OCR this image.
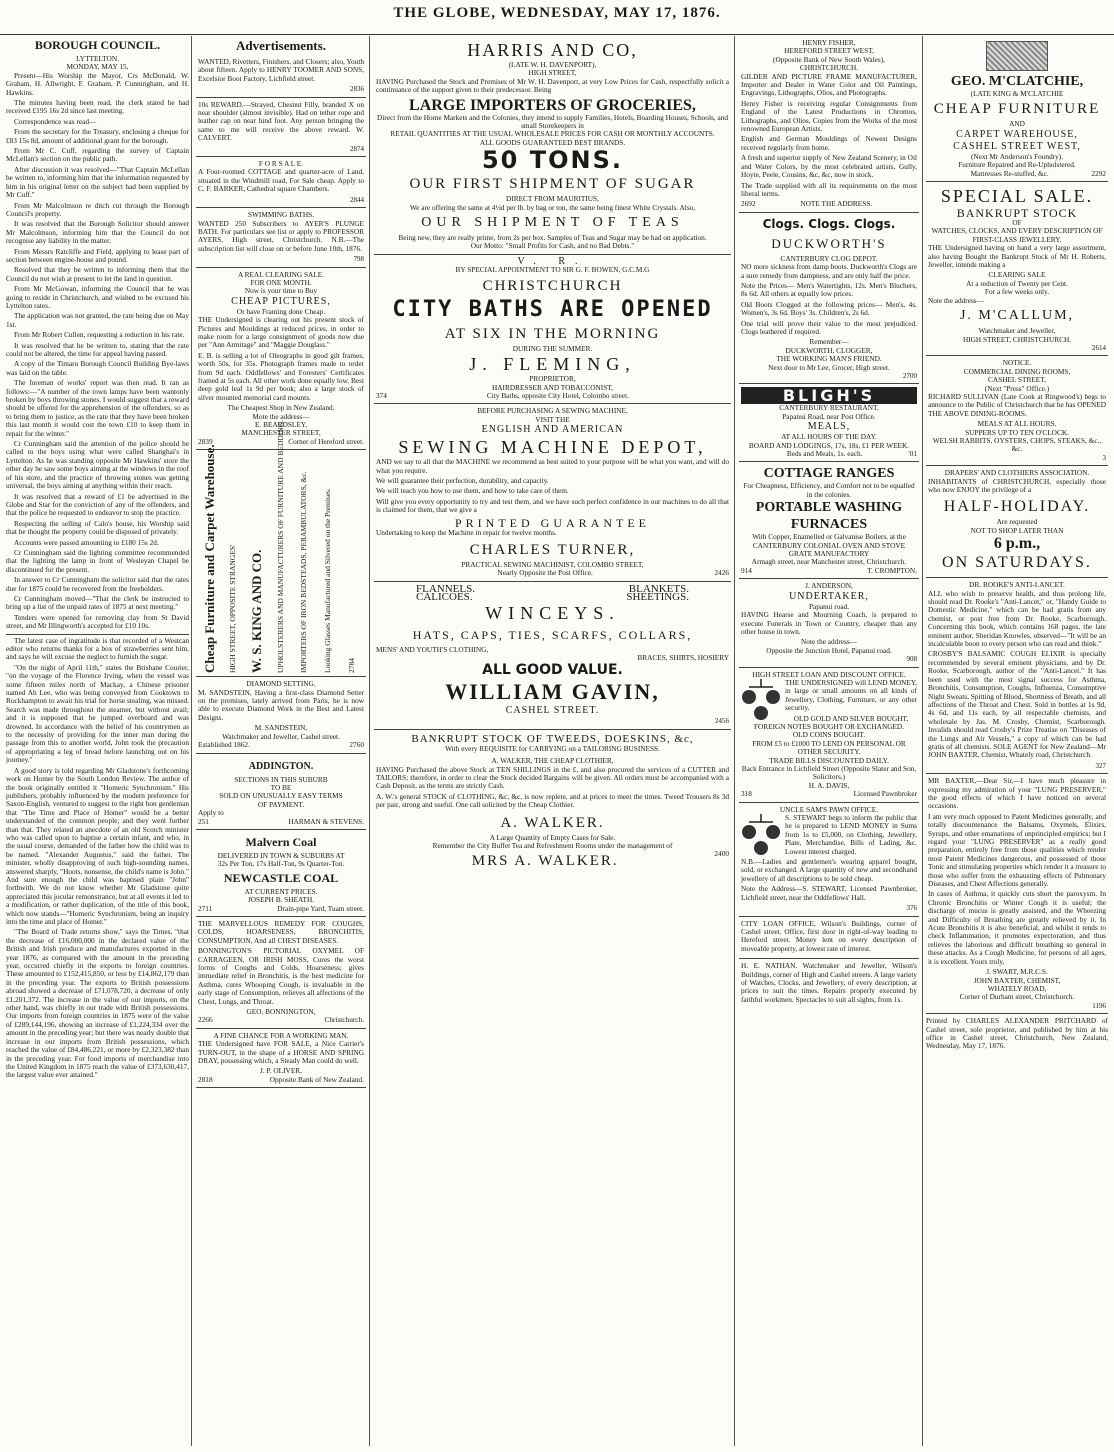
THE GLOBE, WEDNESDAY, MAY 17, 1876.
BOROUGH COUNCIL.
LYTTELTON.
MONDAY, MAY 15,

Present—His Worship the Mayor, Crs McDonald, W. Graham, H. Allwright, F. Graham, P. Cunningham, and H. Hawkins.

The minutes having been read, the clerk stated he had received £195 16s 2d since last meeting.

Correspondence was read—

From the secretary for the Treasury, enclosing a cheque for £83 15s 8d, amount of additional grant for the borough.

From Mr C. Cuff, regarding the survey of Captain McLellan's section on the public path.

After discussion it was resolved—"That Captain McLellan be written to, informing him that the information requested by him in his original letter on the subject had been supplied by Mr Cuff."

From Mr Malcolmson re ditch cut through the Borough Council's property.

It was resolved that the Borough Solicitor should answer Mr Malcolmson, informing him that the Council do not recognise any liability in the matter.

From Messrs Ratcliffe and Field, applying to lease part of section between engine-house and pound.

Resolved that they be written to informing them that the Council do not wish at present to let the land in question.

From Mr McGowan, informing the Council that he was going to reside in Christchurch, and wished to be excused his Lyttelton rates.

The application was not granted, the rate being due on May 1st.

From Mr Robert Cullen, requesting a reduction in his rate.

It was resolved that he be written to, stating that the rate could not be altered, the time for appeal having passed.

A copy of the Timaru Borough Council Building Bye-laws was laid on the table.

The foreman of works' report was then read. It ran as follows:—"A number of the town lamps have been wantonly broken by boys throwing stones. I would suggest that a reward should be offered for the apprehension of the offenders, so as to bring them to justice, as the rate that they have been broken this last month it would cost the town £10 to keep them in repair for the winter."

Cr Cunningham said the attention of the police should be called to the boys using what were called Shanghai's in Lyttelton. As he was standing opposite Mr Hawkins' store the other day he saw some boys aiming at the windows in the roof of his store, and the practice of throwing stones was getting universal, the boys aiming at anything within their reach.

It was resolved that a reward of £1 be advertised in the Globe and Star for the conviction of any of the offenders, and that the police be requested to endeavor to stop the practice.

Respecting the selling of Calo's house, his Worship said that he thought the property could be disposed of privately.

Accounts were passed amounting to £180 15s 2d.

Cr Cunningham said the lighting committee recommended that the lighting the lamp in front of Wesleyan Chapel be discontinued for the present.

In answer to Cr Cunningham the solicitor said that the rates due for 1875 could be recovered from the freeholders.

Cr Cunningham moved—"That the clerk be instructed to bring up a list of the unpaid rates of 1875 at next meeting."

Tenders were opened for removing clay from St David street, and Mr Illingworth's accepted for £10 10s.

The latest case of ingratitude is that recorded of a Westcan editor who returns thanks for a box of strawberries sent him, and says he will excuse the neglect to furnish the sugar.

"On the night of April 11th," states the Brisbane Courier, "on the voyage of the Florence Irving, when the vessel was some fifteen miles north of Mackay, a Chinese prisoner named Ah Lee, who was being conveyed from Cooktown to Rockhampton to await his trial for horse stealing, was missed. Search was made throughout the steamer, but without avail; and it is supposed that he jumped overboard and was drowned. In accordance with the belief of his countrymen as to the necessity of providing for the inner man during the passage from this to another world, John took the precaution of appropriating a leg of bread before launching out on his journey."

A good story is told regarding Mr Gladstone's forthcoming work on Homer by the South London Review. The author of the book originally entitled it "Homeric Synchronism." His publishers, probably influenced by the modern preference for Saxon-English, ventured to suggest to the right hon gentleman that "The Time and Place of Homer" would be a better understanded of the common people; and they went further than that. They related an anecdote of an old Scotch minister who was called upon to baptise a certain infant, and who, in the usual course, demanded of the father how the child was to be named. "Alexander Augustus," said the father. The minister, wholly disapproving of such high-sounding names, answered sharply, "Hoots, nonsense, the child's name is John." And sure enough the child was baptised plain "John" forthwith. We do not know whether Mr Gladstone quite appreciated this jocular remonstrance, but at all events it led to a modification, or rather duplication, of the title of this book, which now stands—"Homeric Synchronism, being an inquiry into the time and place of Homer."

"The Board of Trade returns show," says the Times, "that the decrease of £16,000,000 in the declared value of the British and Irish produce and manufactures exported in the year 1876, as compared with the amount in the preceding year, occurred chiefly in the exports to foreign countries. These amounted to £152,415,850, or less by £14,862,179 than in the preceding year. The exports to British possessions abroad showed a decrease of £71,078,720, a decrease of only £1,201,372. The increase in the value of our imports, on the other hand, was chiefly in our trade with British possessions. Our imports from foreign countries in 1875 were of the value of £289,144,196, showing an increase of £1,224,334 over the amount in the preceding year; but there was nearly double that increase in our imports from British possessions, which reached the value of £84,486,221, or more by £2,323,382 than in the preceding year. For food imports of merchandise into the United Kingdom in 1875 reach the value of £373,630,417, the largest value ever attained."

Advertisements.

WANTED, Rivetters, Finishers, and Closers; also, Youth about fifteen. Apply to HENRY TOOMER AND SONS, Excelsior Boot Factory, Lichfield street.

2836

10s REWARD.—Strayed, Chesnut Filly, branded X on near shoulder (almost invisible). Had on tether rope and leather cap on near hind foot. Any person bringing the same to me will receive the above reward. W. CALVERT.

2874
F O R S A L E.

A Four-roomed COTTAGE and quarter-acre of Land, situated in the Windmill road, For Sale cheap. Apply to C. F. BARKER, Cathedral square Chambers.

2844
SWIMMING BATHS.

WANTED 250 Subscribers to AYER'S PLUNGE BATH. For particulars see list or apply to PROFESSOR AYERS, High street, Christchurch. N.B.—The subscription list will close on or before June 10th, 1876.

798
A REAL CLEARING SALE.
FOR ONE MONTH.
Now is your time to Buy
CHEAP PICTURES,
Or have Framing done Cheap.

THE Undersigned is clearing out his present stock of Pictures and Mouldings at reduced prices, in order to make room for a large consignment of goods now due per "Ann Armitage" and "Maggie Douglass."

E. B. is selling a lot of Oleographs in good gilt frames, worth 50s, for 35s. Photograph frames made to order from 9d each. Oddfellows' and Foresters' Certificates framed at 5s each. All other work done equally low. Best deep gold leaf 1s 9d per book; also a large stock of silver mounted memorial card mounts.

The Cheapest Shop in New Zealand.
Mote the address—
E. BEARDSLEY,
MANCHESTER STREET,
2839	Corner of Hereford street.
Cheap Furniture and Carpet Warehouse. HIGH STREET, OPPOSITE STRANGES' W. S. KING AND CO. UPHOLSTERERS AND MANUFACTURERS OF FURNITURE AND BEDDING. IMPORTERS OF IRON BEDSTEADS, PERAMBULATORS, &c. Looking Glasses Manufactured and Silvered on the Premises. 2784
DIAMOND SETTING.

M. SANDSTEIN, Having a first-class Diamond Setter on the premises, lately arrived from Paris, he is now able to execute Diamond Work in the Best and Latest Designs.

M. SANDSTEIN,
Watchmaker and Jeweller, Cashel street.
Established 1862.	2760
ADDINGTON.
SECTIONS IN THIS SUBURB
TO BE
SOLD ON UNUSUALLY EASY TERMS
OF PAYMENT.
Apply to
251	HARMAN & STEVENS.
Malvern Coal
DELIVERED IN TOWN & SUBURBS AT
32s Per Ton, 17s Half-Ton, 9s Quarter-Ton.
NEWCASTLE COAL
AT CURRENT PRICES.
JOSEPH B. SHEATH.
2711	Drain-pipe Yard, Tuam street.

THE MARVELLOUS REMEDY FOR COUGHS, COLDS, HOARSENESS, BRONCHITIS, CONSUMPTION, And all CHEST DISEASES.

BONNINGTON'S PICTORIAL OXYMEL OF CARRAGEEN, OR IRISH MOSS, Cures the worst forms of Coughs and Colds, Hoarseness; gives immediate relief in Bronchitis, is the best medicine for Asthma, cures Whooping Cough, is invaluable in the early stage of Consumption, relieves all affections of the Chest, Lungs, and Throat.

GEO. BONNINGTON,
2266	Christchurch.
A FINE CHANCE FOR A WORKING MAN.

THE Undersigned have FOR SALE, a Nice Carrier's TURN-OUT, in the shape of a HORSE AND SPRING DRAY, possessing which, a Steady Man could do well.

J. P. OLIVER,
2818	Opposite Bank of New Zealand.
HARRIS AND CO,
(LATE W. H. DAVENPORT),
HIGH STREET,

HAVING Purchased the Stock and Premises of Mr W. H. Davenport, at very Low Prices for Cash, respectfully solicit a continuance of the support given to their predecessor. Being

LARGE IMPORTERS OF GROCERIES,
Direct from the Home Markets and the Colonies, they intend to supply Families, Hotels, Boarding Houses, Schools, and small Storekeepers in
RETAIL QUANTITIES AT THE USUAL WHOLESALE PRICES FOR CASH OR MONTHLY ACCOUNTS.
ALL GOODS GUARANTEED BEST BRANDS.
50 TONS.
OUR FIRST SHIPMENT OF SUGAR
DIRECT FROM MAURITIUS,
We are offering the same at 4½d per lb. by bag or ton, the same being finest White Crystals. Also,
OUR SHIPMENT OF TEAS
Being new, they are really prime, from 2s per box. Samples of Teas and Sugar may be had on application.
Our Motto: "Small Profits for Cash, and no Bad Debts."
V. R.
BY SPECIAL APPOINTMENT TO SIR G. F. BOWEN, G.C.M.G
CHRISTCHURCH
CITY BATHS ARE OPENED
AT SIX IN THE MORNING
DURING THE SUMMER.
J. FLEMING,
PROPRIETOR,
HAIRDRESSER AND TOBACCONIST,
374	City Baths, opposite City Hotel, Colombo street.
BEFORE PURCHASING A SEWING MACHINE,
VISIT THE
ENGLISH AND AMERICAN
SEWING MACHINE DEPOT,

AND we say to all that the MACHINE we recommend as best suited to your purpose will be what you want, and will do what you require.

We will guarantee their perfection, durability, and capacity.

We will teach you how to use them, and how to take care of them.

Will give you every opportunity to try and test them, and we have such perfect confidence in our machines to do all that is claimed for them, that we give a

PRINTED GUARANTEE

Undertaking to keep the Machine in repair for twelve months.

CHARLES TURNER,
PRACTICAL SEWING MACHINIST, COLOMBO STREET,
Nearly Opposite the Post Office.	2426
FLANNELS.	BLANKETS.
CALICOES.	SHEETINGS.
WINCEYS.
HATS, CAPS, TIES, SCARFS, COLLARS,
MENS' AND YOUTH'S CLOTHING,
BRACES, SHIRTS, HOSIERY
ALL GOOD VALUE.
WILLIAM GAVIN,
CASHEL STREET.
2456
BANKRUPT STOCK OF TWEEDS, DOESKINS, &c,
With every REQUISITE for CARRYING on a TAILORING BUSINESS.
A. WALKER, THE CHEAP CLOTHIER,

HAVING Purchased the above Stock at TEN SHILLINGS in the £, and also procured the services of a CUTTER and TAILORS; therefore, in order to clear the Stock decided Bargains will be given. All orders must be accompanied with a Cash Deposit, as the terms are strictly Cash.

A. W.'s general STOCK of CLOTHING, &c, &c, is now replete, and at prices to meet the times. Tweed Trousers 8s 3d per pair, strong and useful. One call solicited by the Cheap Clothier.

A. WALKER.
A Large Quantity of Empty Cases for Sale.
Remember the City Buffet Tea and Refreshment Rooms under the management of
MRS A. WALKER.	2400
HENRY FISHER,
HEREFORD STREET WEST,
(Opposite Bank of New South Wales),
CHRISTCHURCH.

GILDER AND PICTURE FRAME MANUFACTURER, Importer and Dealer in Water Color and Oil Paintings, Engravings, Lithographs, Olios, and Photographs.

Henry Fisher is receiving regular Consignments from England of the Latest Productions in Chromos, Lithographs, and Olios, Copies from the Works of the most renowned European Artists.

English and German Mouldings of Newest Designs received regularly from home.

A fresh and superior supply of New Zealand Scenery, in Oil and Water Colors, by the most celebrated artists, Gully, Hoyte, Peele, Cousins, &c, &c, now in stock.

The Trade supplied with all its requirements on the most liberal terms.

2692	NOTE THE ADDRESS.
Clogs. Clogs. Clogs.
DUCKWORTH'S
CANTERBURY CLOG DEPOT.

NO more sickness from damp boots. Duckworth's Clogs are a sure remedy from dampness, and are only half the price.

Note the Prices— Men's Watertights, 12s. Men's Bluchers, 8s 6d. All others at equally low prices.

Old Boots Clogged at the following prices— Men's, 4s. Women's, 3s 6d. Boys' 3s. Children's, 2s 6d.

One trial will prove their value to the most prejudiced. Clogs leathered if required.

Remember—
DUCKWORTH, CLOGGER,
THE WORKING MAN'S FRIEND.
Next door to Mr Lee, Grocer, High street.
2700
BLIGH'S
CANTERBURY RESTAURANT,
Papanui Road, near Post Office.
MEALS,
AT ALL HOURS OF THE DAY.
BOARD AND LODGINGS, 17s, 18s, £1 PER WEEK.
Beds and Meals, 1s. each.	'01
COTTAGE RANGES
For Cheapness, Efficiency, and Comfort not to be equalled in the colonies.
PORTABLE WASHING FURNACES
With Copper, Enamelled or Galvanise Boilers, at the
CANTERBURY COLONIAL OVEN AND STOVE GRATE MANUFACTORY
Armagh street, near Manchester street, Christchurch.
914	T. CROMPTON.
J. ANDERSON,
UNDERTAKER,
Papanui road.

HAVING Hearse and Mourning Coach, is prepared to execute Funerals in Town or Country, cheaper than any other house in town.

Note the address—
Opposite the Junction Hotel, Papanui road.
908
HIGH STREET LOAN AND DISCOUNT OFFICE.

THE UNDERSIGNED will LEND MONEY, in large or small amounts on all kinds of Jewellery, Clothing, Furniture, or any other security.

OLD GOLD AND SILVER BOUGHT, FOREIGN NOTES BOUGHT OR EXCHANGED.
OLD COINS BOUGHT.
FROM £5 to £1000 TO LEND ON PERSONAL OR OTHER SECURITY.
TRADE BILLS DISCOUNTED DAILY.
Back Entrance in Lichfield Street (Opposite Slater and Son, Solicitors.)
H. A. DAVIS,
318	Licensed Pawnbroker
UNCLE SAM'S PAWN OFFICE.

S. STEWART begs to inform the public that he is prepared to LEND MONEY in Sums from 1s to £5,000, on Clothing, Jewellery, Plate, Merchandise, Bills of Lading, &c. Lowest interest charged.

N.B.—Ladies and gentlemen's wearing apparel bought, sold, or exchanged. A large quantity of new and secondhand jewellery of all descriptions to be sold cheap.

Note the Address—S. STEWART, Licensed Pawnbroker, Lichfield street, near the Oddfellows' Hall.

376

CITY LOAN OFFICE, Wilson's Buildings, corner of Cashel street. Office, first door in right-of-way leading to Hereford street. Money lent on every description of moveable property, at lowest rate of interest.

H. E. NATHAN. Watchmaker and Jeweller, Wilson's Buildings, corner of High and Cashel streets. A large variety of Watches, Clocks, and Jewellery, of every description, at prices to suit the times. Repairs properly executed by faithful workmen. Spectacles to suit all sights, from 1s.

GEO. M'CLATCHIE,
(LATE KING & M'CLATCHIE
CHEAP FURNITURE
AND
CARPET WAREHOUSE,
CASHEL STREET WEST,
(Next Mr Anderson's Foundry).
Furniture Repaired and Re-Upholstered.
Mattresses Re-stuffed, &c.	2292
SPECIAL SALE.
BANKRUPT STOCK
OF
WATCHES, CLOCKS, AND EVERY DESCRIPTION OF FIRST-CLASS JEWELLERY.

THE Undersigned having on hand a very large assortment, also having Bought the Bankrupt Stock of Mr H. Roberts, Jeweller, intends making a

CLEARING SALE
At a reduction of Twenty per Cent.
For a few weeks only.
Note the address—
J. M'CALLUM,
Watchmaker and Jeweller,
HIGH STREET, CHRISTCHURCH.
2614
NOTICE.
COMMERCIAL DINING ROOMS,
CASHEL STREET,
(Next "Press" Office.)

RICHARD SULLIVAN (Late Cook at Ringwood's) begs to announce to the Public of Christchurch that he has OPENED THE ABOVE DINING-ROOMS.

MEALS AT ALL HOURS.
SUPPERS UP TO TEN O'CLOCK.
WELSH RABBITS, OYSTERS, CHOPS, STEAKS, &c., &c.
3
DRAPERS' AND CLOTHIERS ASSOCIATION.

INHABITANTS of CHRISTCHURCH, especially those who now ENJOY the privilege of a

HALF-HOLIDAY.
Are requested
NOT TO SHOP LATER THAN
6 p.m.,
ON SATURDAYS.
DR. ROOKE'S ANTI-LANCET.

ALL who wish to preserve health, and thus prolong life, should read Dr. Rooke's "Anti-Lancet," or, "Handy Guide to Domestic Medicine," which can be had gratis from any chemist, or post free from Dr. Rooke, Scarborough. Concerning this book, which contains 168 pages, the late eminent author, Sheridan Knowles, observed—"It will be an incalculable boon to every person who can read and think."

CROSBY'S BALSAMIC COUGH ELIXIR is specially recommended by several eminent physicians, and by Dr. Rooke, Scarborough, author of the "Anti-Lancet." It has been used with the most signal success for Asthma, Bronchitis, Consumption, Coughs, Influenza, Consumptive Night Sweats, Spitting of Blood, Shortness of Breath, and all affections of the Throat and Chest. Sold in bottles at 1s 9d, 4s 6d, and 11s each, by all respectable chemists, and wholesale by Jas. M. Crosby, Chemist, Scarborough. Invalids should read Crosby's Prize Treatise on "Diseases of the Lungs and Air Vessels," a copy of which can be had gratis of all chemists. SOLE AGENT for New Zealand—Mr JOHN BAXTER, Chemist, Whately road, Christchurch.

327

MR BAXTER,—Dear Sir,—I have much pleasure in expressing my admiration of your "LUNG PRESERVER," the good effects of which I have noticed on several occasions.

I am very much opposed to Patent Medicines generally, and totally discountenance the Balsams, Oxymels, Elixirs, Syrups, and other emanations of unprincipled empirics; but I regard your "LUNG PRESERVER" as a really good preparation, entirely free from those qualities which render most Patent Medicines dangerous, and possessed of those Tonic and stimulating properties which render it a treasure to those who suffer from the exhausting effects of Pulmonary Diseases, and Chest Affections generally.

In cases of Asthma, it quickly cuts short the paroxysm. In Chronic Bronchitis or Winter Cough it is useful; the discharge of mucus is greatly assisted, and the Wheezing and Difficulty of Breathing are greatly relieved by it. In Acute Bronchitis it is also beneficial, and whilst it tends to check Inflammation, it promotes expectoration, and thus relieves the laborious and difficult breathing so general in these attacks. As a Cough Medicine, for persons of all ages, it is excellent. Yours truly,

J. SWART, M.R.C.S.
JOHN BAXTER, CHEMIST,
WHATELY ROAD,
Corner of Durham street, Christchurch.
1196

Printed by CHARLES ALEXANDER PRITCHARD of Cashel street, sole proprietor, and published by him at his office in Cashel street, Christchurch, New Zealand, Wednesday, May 17, 1876.
